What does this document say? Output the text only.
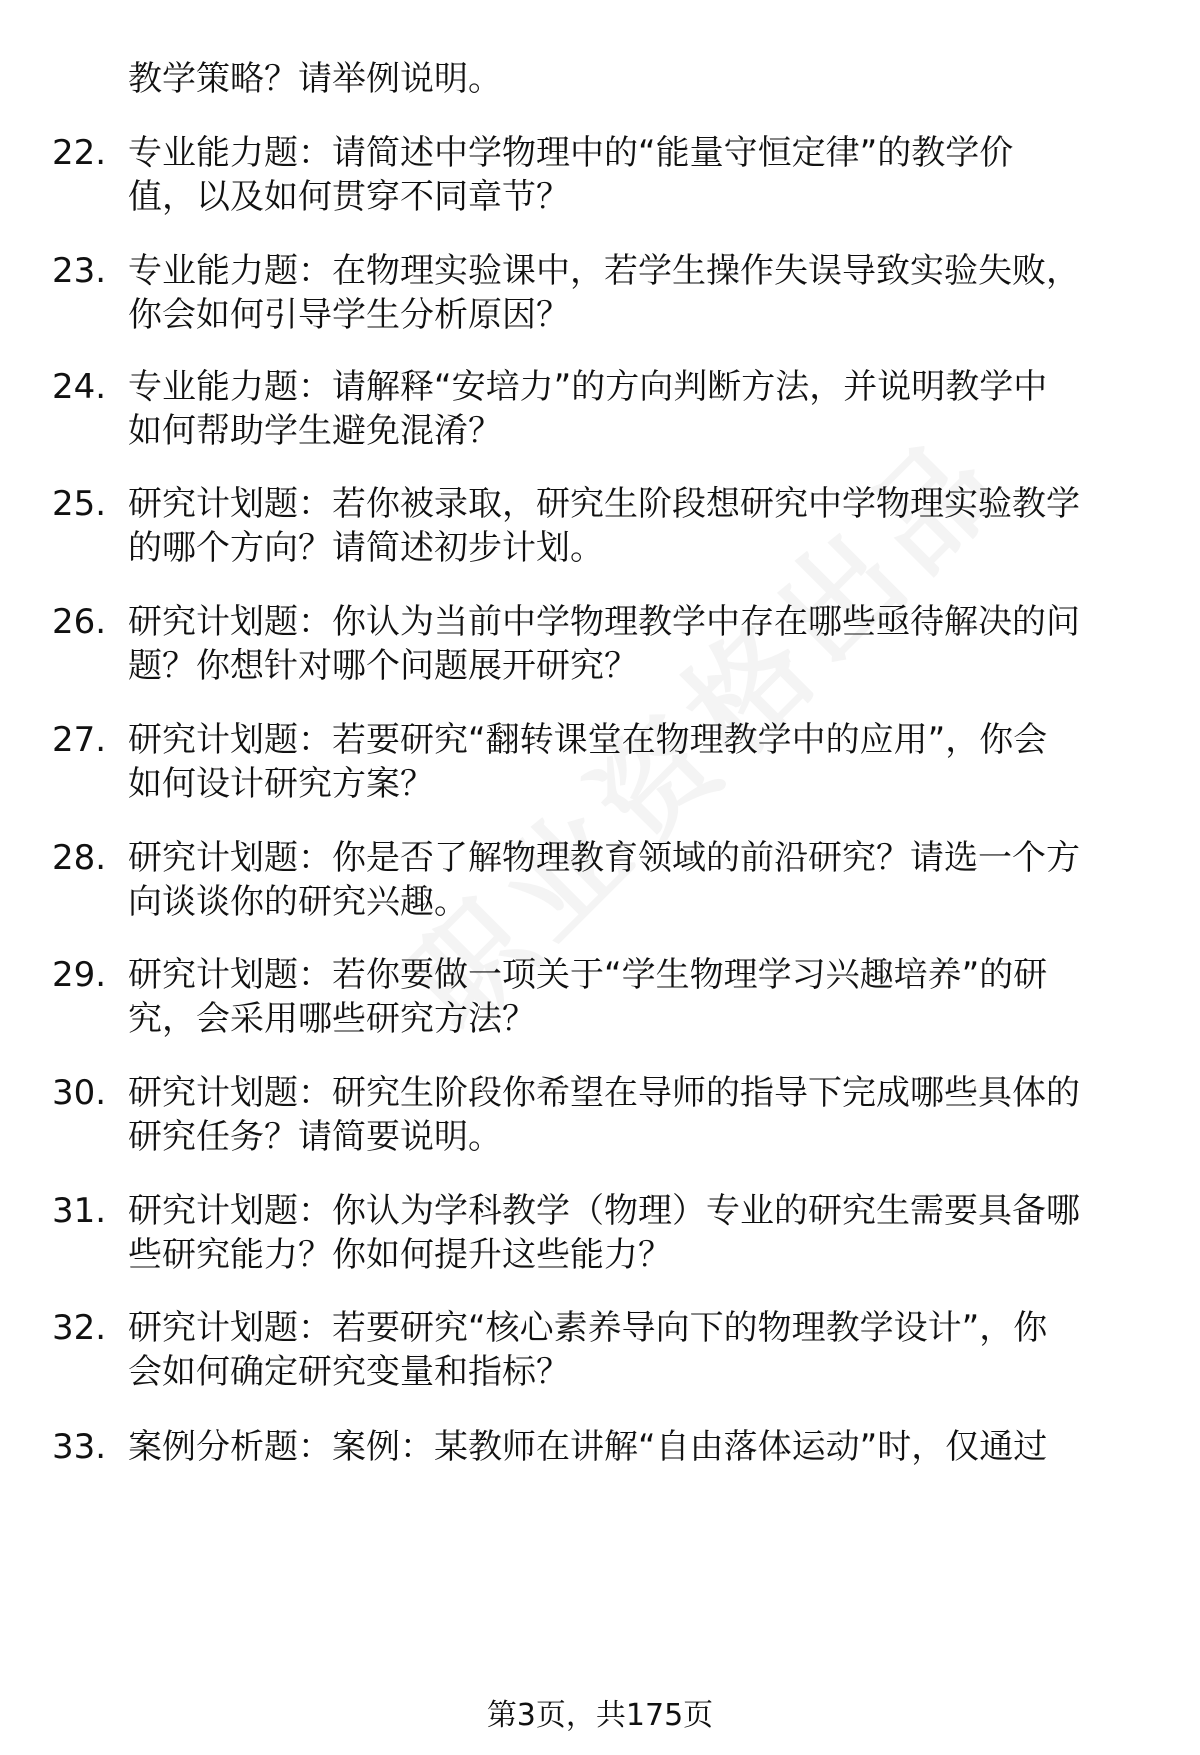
教学策略？请举例说明。
22. 专业能力题：请简述中学物理中的“能量守恒定律”的教学价
值，以及如何贯穿不同章节？
23. 专业能力题：在物理实验课中，若学生操作失误导致实验失败，
你会如何引导学生分析原因？
24. 专业能力题：请解释“安培力”的方向判断方法，并说明教学中
如何帮助学生避免混淆？
25. 研究计划题：若你被录取，研究生阶段想研究中学物理实验教学
的哪个方向？请简述初步计划。
26. 研究计划题：你认为当前中学物理教学中存在哪些亟待解决的问
题？你想针对哪个问题展开研究？
27. 研究计划题：若要研究“翻转课堂在物理教学中的应用”，你会
如何设计研究方案？
28. 研究计划题：你是否了解物理教育领域的前沿研究？请选一个方
向谈谈你的研究兴趣。
29. 研究计划题：若你要做一项关于“学生物理学习兴趣培养”的研
究，会采用哪些研究方法？
30. 研究计划题：研究生阶段你希望在导师的指导下完成哪些具体的
研究任务？请简要说明。
31. 研究计划题：你认为学科教学（物理）专业的研究生需要具备哪
些研究能力？你如何提升这些能力？
32. 研究计划题：若要研究“核心素养导向下的物理教学设计”，你
会如何确定研究变量和指标？
33. 案例分析题：案例：某教师在讲解“自由落体运动”时，仅通过
第3页，共175页
